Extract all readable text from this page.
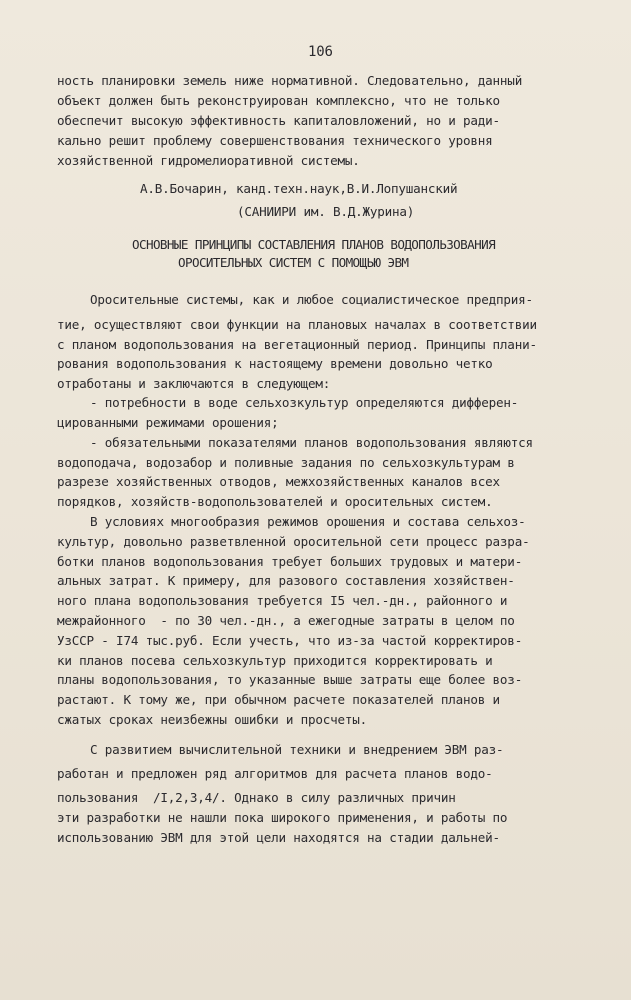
106
ность планировки земель ниже нормативной. Следовательно, данный
объект должен быть реконструирован комплексно, что не только
обеспечит высокую эффективность капиталовложений, но и ради-
кально решит проблему совершенствования технического уровня
хозяйственной гидромелиоративной системы.
А.В.Бочарин, канд.техн.наук,В.И.Лопушанский
(САНИИРИ им. В.Д.Журина)
ОСНОВНЫЕ ПРИНЦИПЫ СОСТАВЛЕНИЯ ПЛАНОВ ВОДОПОЛЬЗОВАНИЯ
ОРОСИТЕЛЬНЫХ СИСТЕМ С ПОМОЩЬЮ ЭВМ
Оросительные системы, как и любое социалистическое предприя-
тие, осуществляют свои функции на плановых началах в соответствии
с планом водопользования на вегетационный период. Принципы плани-
рования водопользования к настоящему времени довольно четко
отработаны и заключаются в следующем:
- потребности в воде сельхозкультур определяются дифферен-
цированными режимами орошения;
- обязательными показателями планов водопользования являются
водоподача, водозабор и поливные задания по сельхозкультурам в
разрезе хозяйственных отводов, межхозяйственных каналов всех
порядков, хозяйств-водопользователей и оросительных систем.
В условиях многообразия режимов орошения и состава сельхоз-
культур, довольно разветвленной оросительной сети процесс разра-
ботки планов водопользования требует больших трудовых и матери-
альных затрат. К примеру, для разового составления хозяйствен-
ного плана водопользования требуется I5 чел.-дн., районного и
межрайонного  - по 30 чел.-дн., а ежегодные затраты в целом по
УзССР - I74 тыс.руб. Если учесть, что из-за частой корректиров-
ки планов посева сельхозкультур приходится корректировать и
планы водопользования, то указанные выше затраты еще более воз-
растают. К тому же, при обычном расчете показателей планов и
сжатых сроках неизбежны ошибки и просчеты.
С развитием вычислительной техники и внедрением ЭВМ раз-
работан и предложен ряд алгоритмов для расчета планов водо-
пользования  /I,2,3,4/. Однако в силу различных причин
эти разработки не нашли пока широкого применения, и работы по
использованию ЭВМ для этой цели находятся на стадии дальней-
